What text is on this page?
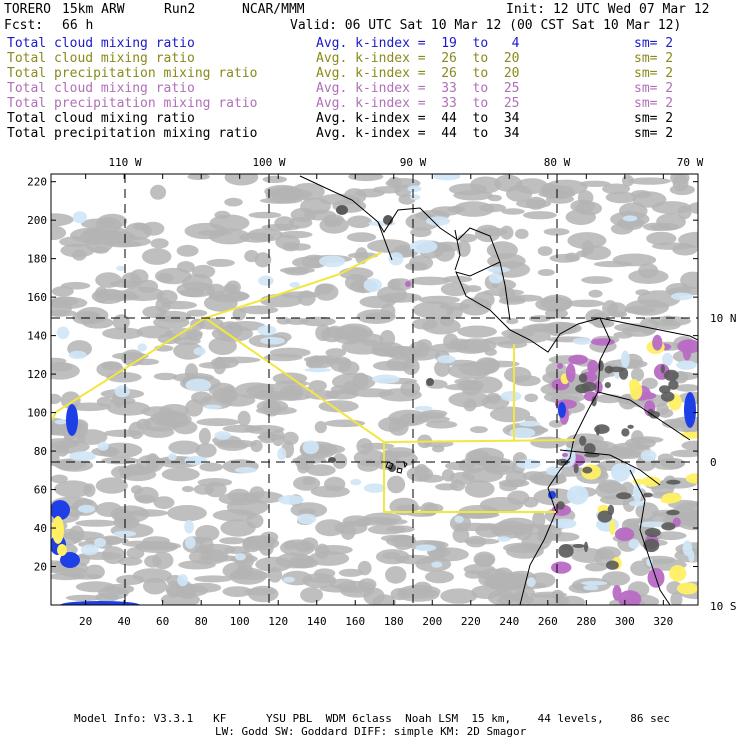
220
200
180
160
140
120
100
80
60
40
20
20 40 60 80 100 120 140 160 180 200 220 240 260 280 300 320
110 W	100 W	90 W	80 W	70 W
10 N
0
10 S
TORERO 15km ARW	Run2	NCAR/MMM	Init: 12 UTC Wed 07 Mar 12
Fcst: 66 h	Valid: 06 UTC Sat 10 Mar 12 (00 CST Sat 10 Mar 12)
Total cloud mixing ratio	Avg. k-index =  19  to   4	sm= 2
Total cloud mixing ratio	Avg. k-index =  26  to  20	sm= 2
Total precipitation mixing ratio	Avg. k-index =  26  to  20	sm= 2
Total cloud mixing ratio	Avg. k-index =  33  to  25	sm= 2
Total precipitation mixing ratio	Avg. k-index =  33  to  25	sm= 2
Total cloud mixing ratio	Avg. k-index =  44  to  34	sm= 2
Total precipitation mixing ratio	Avg. k-index =  44  to  34	sm= 2
Model Info: V3.3.1   KF      YSU PBL  WDM 6class  Noah LSM  15 km,    44 levels,    86 sec
LW: Godd SW: Goddard DIFF: simple KM: 2D Smagor
